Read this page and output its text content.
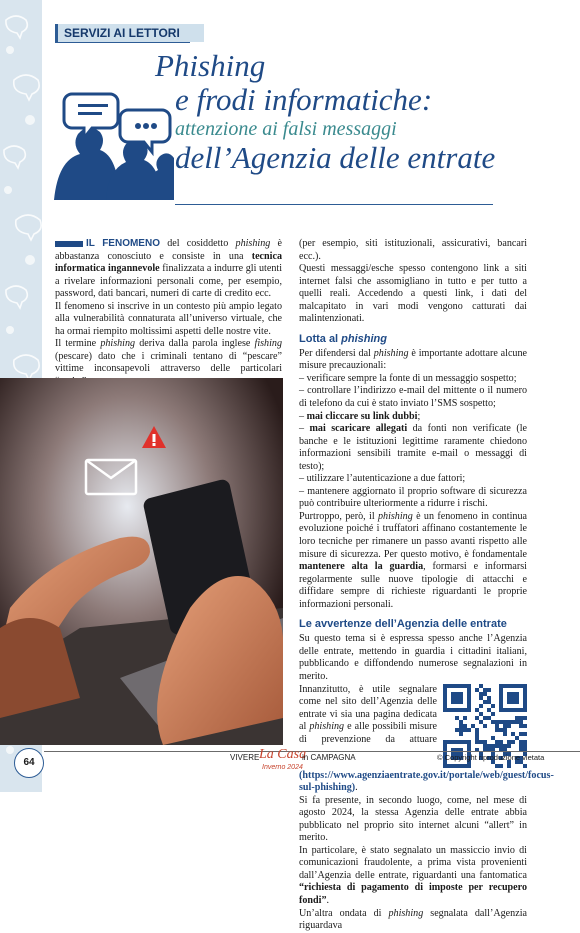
SERVIZI AI LETTORI
Phishing
e frodi informatiche:
attenzione ai falsi messaggi
dell’Agenzia delle entrate

IL FENOMENO del cosiddetto phishing è abbastanza conosciuto e consiste in una tecnica informatica ingannevole finalizzata a indurre gli utenti a rivelare informazioni personali come, per esempio, password, dati bancari, numeri di carte di credito ecc.

Il fenomeno si inscrive in un contesto più ampio legato alla vulnerabilità connaturata all’universo virtuale, che ha ormai riempito moltissimi aspetti delle nostre vite.

Il termine phishing deriva dalla parola inglese fishing (pescare) dato che i criminali tentano di “pescare” vittime inconsapevoli attraverso delle particolari

(per esempio, siti istituzionali, assicurativi, bancari ecc.).

Questi messaggi/esche spesso contengono link a siti internet falsi che assomigliano in tutto e per tutto a quelli reali. Accedendo a questi link, i dati del malcapitato in vari modi vengono catturati dai malintenzionati.

Lotta al phishing

Per difendersi dal phishing è importante adottare alcune misure precauzionali:

– verificare sempre la fonte di un messaggio sospetto;

– controllare l’indirizzo e-mail del mittente o il numero di telefono da cui è stato inviato l’SMS sospetto;

– mai cliccare su link dubbi;

– mai scaricare allegati da fonti non verificate (le banche e le istituzioni legittime raramente chiedono informazioni sensibili tramite e-mail o messaggi di testo);

– utilizzare l’autenticazione a due fattori;

– mantenere aggiornato il proprio software di sicurezza può contribuire ulteriormente a ridurre i rischi.

Purtroppo, però, il phishing è un fenomeno in continua evoluzione poiché i truffatori affinano costantemente le loro tecniche per rimanere un passo avanti rispetto alle misure di sicurezza. Per questo motivo, è fondamentale mantenere alta la guardia, formarsi e informarsi regolarmente sulle nuove tipologie di attacchi e diffidare sempre di richieste riguardanti le proprie informazioni personali.

Le avvertenze dell’Agenzia delle entrate

Su questo tema si è espressa spesso anche l’Agenzia delle entrate, mettendo in guardia i cittadini italiani, pubblicando e diffondendo numerose segnalazioni in merito.

Innanzitutto, è utile segnalare come nel sito dell’Agenzia delle entrate vi sia una pagina dedicata al phishing e alle possibili misure di prevenzione da attuare (https://www.agenziaentrate.gov.it/portale/web/guest/focus-sul-phishing).

Si fa presente, in secondo luogo, come, nel mese di agosto 2024, la stessa Agenzia delle entrate abbia pubblicato nel proprio sito internet alcuni “allert” in merito.

In particolare, è stato segnalato un massiccio invio di comunicazioni fraudolente, a prima vista provenienti dall’Agenzia delle entrate, riguardanti una fantomatica “richiesta di pagamento di imposte per recupero fondi”.

Un’altra ondata di phishing segnalata dall’Agenzia riguardava

64	VIVERE La Casa
in CAMPAGNA
Inverno 2024
© Copyright riproduzione vietata
